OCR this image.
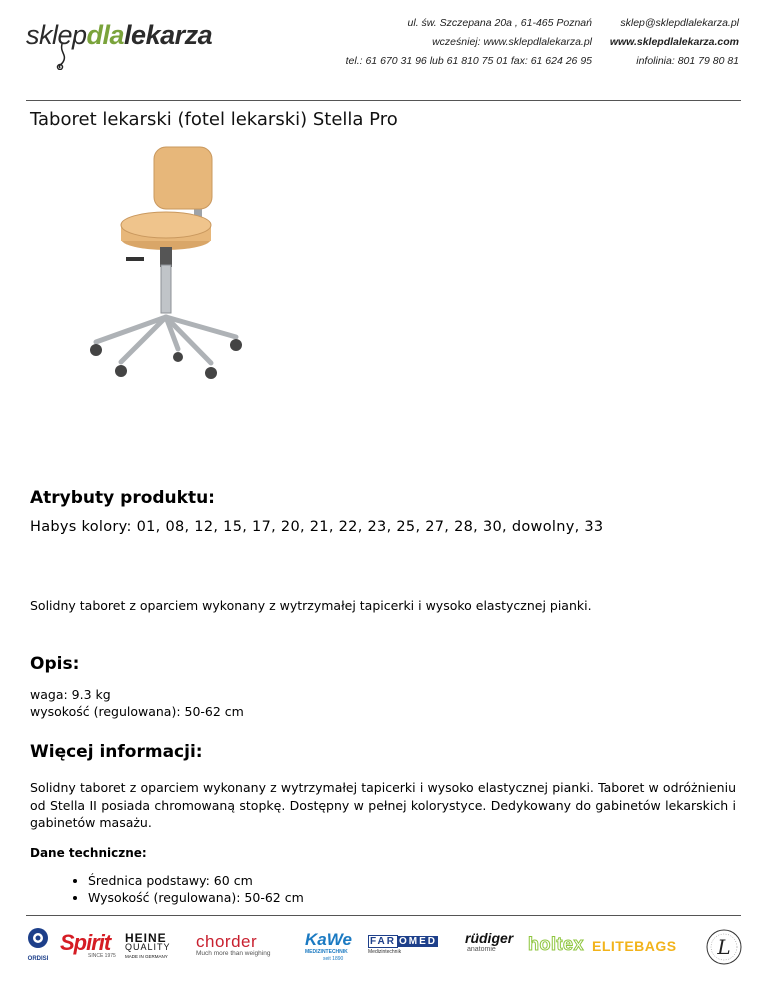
sklepdlalekarza	ul. św. Szczepana 20a , 61-465 Poznań
wcześniej: www.sklepdlalekarza.pl
tel.: 61 670 31 96 lub 61 810 75 01 fax: 61 624 26 95
sklep@sklepdlalekarza.pl
www.sklepdlalekarza.com
infolinia: 801 79 80 81
Taboret lekarski (fotel lekarski) Stella Pro
Atrybuty produktu:
Habys kolory: 01, 08, 12, 15, 17, 20, 21, 22, 23, 25, 27, 28, 30, dowolny, 33
Solidny taboret z oparciem wykonany z wytrzymałej tapicerki i wysoko elastycznej pianki.
Opis:
waga: 9.3 kg
wysokość (regulowana): 50-62 cm
Więcej informacji:
Solidny taboret z oparciem wykonany z wytrzymałej tapicerki i wysoko elastycznej pianki. Taboret w odróżnieniu od Stella II posiada chromowaną stopkę. Dostępny w pełnej kolorystyce. Dedykowany do gabinetów lekarskich i gabinetów masażu.
Dane techniczne:
• Średnica podstawy: 60 cm
• Wysokość (regulowana): 50-62 cm
ORDISI
Spirit
SINCE 1975
HEINE
QUALITY
MADE IN GERMANY
chorder
Much more than weighing
KaWe
MEDIZINTECHNIK
seit 1890
FAR OMED
Medizintechnik
rüdiger
anatomie	holtex ELITEBAGS L
